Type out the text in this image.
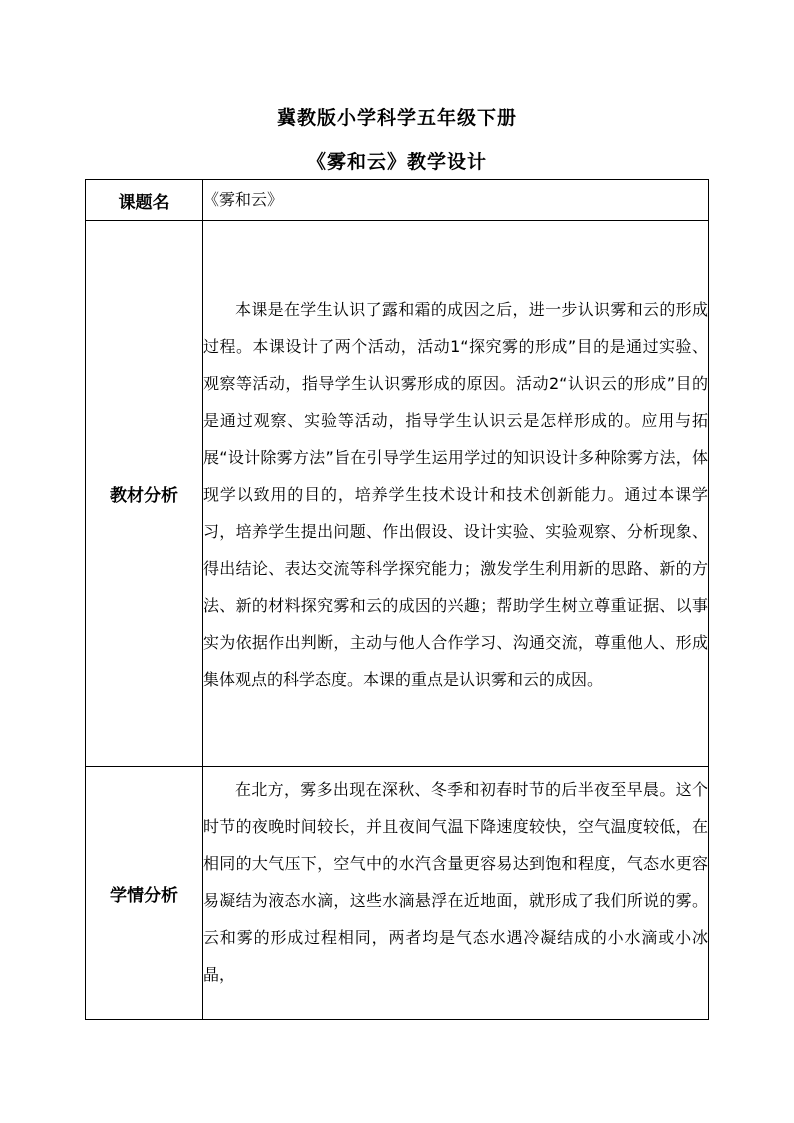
冀教版小学科学五年级下册
《雾和云》教学设计
课题名	《雾和云》
教材分析	本课是在学生认识了露和霜的成因之后，进一步认识雾和云的形成过程。本课设计了两个活动，活动1“探究雾的形成”目的是通过实验、观察等活动，指导学生认识雾形成的原因。活动2“认识云的形成”目的是通过观察、实验等活动，指导学生认识云是怎样形成的。应用与拓展“设计除雾方法”旨在引导学生运用学过的知识设计多种除雾方法，体现学以致用的目的，培养学生技术设计和技术创新能力。通过本课学习，培养学生提出问题、作出假设、设计实验、实验观察、分析现象、得出结论、表达交流等科学探究能力；激发学生利用新的思路、新的方法、新的材料探究雾和云的成因的兴趣；帮助学生树立尊重证据、以事实为依据作出判断，主动与他人合作学习、沟通交流，尊重他人、形成集体观点的科学态度。本课的重点是认识雾和云的成因。

学情分析	在北方，雾多出现在深秋、冬季和初春时节的后半夜至早晨。这个时节的夜晚时间较长，并且夜间气温下降速度较快，空气温度较低，在相同的大气压下，空气中的水汽含量更容易达到饱和程度，气态水更容易凝结为液态水滴，这些水滴悬浮在近地面，就形成了我们所说的雾。云和雾的形成过程相同，两者均是气态水遇冷凝结成的小水滴或小冰晶，
